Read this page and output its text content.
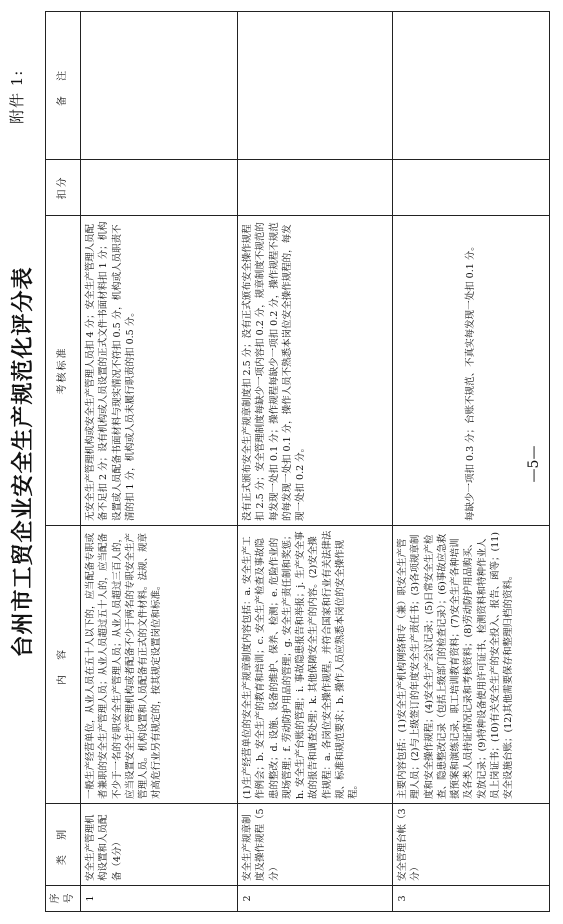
附件 1:
台州市工贸企业安全生产规范化评分表
序号	类 别	内 容	考核标准	扣分	备 注
1	安全生产管理机构设置和人员配备（4分）	一般生产经营单位，从业人员在五十人以下的，应当配备专职或者兼职的安全生产管理人员；从业人员超过五十人的，应当配备不少于一名的专职安全生产管理人员；从业人员超过三百人的，应当设置安全生产管理机构或者配备不少于两名的专职安全生产管理人员。机构设置和人员配备有正式的文件材料。法规、规章对高危行业另有规定的，按其规定设置岗位和标准。	无安全生产管理机构或安全生产管理人员扣 4 分；安全生产管理人员配备不足扣 2 分；设有机构或人员设置的正式文件书面材料扣 1 分；机构设置或人员配备书面材料与现实情况不符扣 0.5 分，机构或人员职责不清的扣 1 分，机构或人员未履行职责的扣 0.5 分。		
2	安全生产规章制度及操作规程（5分）	(1)生产经营单位的安全生产规章制度内容包括：a. 安全生产工作例会；b. 安全生产的教育和培训；c. 安全生产检查及事故隐患的整改；d. 设施、设备的维护、保养、检测；e. 危险作业的现场管理；f. 劳动防护用品的管理；g. 安全生产责任制和奖惩；h. 安全生产台账的管理；i. 事故隐患报告和举报；j. 生产安全事故的报告和调查处理；k. 其他保障安全生产的内容。(2)安全操作规程：a. 各岗位安全操作规程，并符合国家和行业有关法律法规、标准和规范要求；b. 操作人员应熟悉本岗位的安全操作规程。	没有正式颁布安全生产规章制度扣 2.5 分；没有正式颁布安全操作规程扣 2.5 分；安全管理制度每缺少一项内容扣 0.2 分，规章制度不规范的每发现一处扣 0.1 分；操作规程每缺少一项扣 0.2 分，操作规程不规范的每发现一处扣 0.1 分，操作人员不熟悉本岗位安全操作规程的，每发现一处扣 0.2 分。		
3	安全管理台帐（3分）	主要内容包括：(1)安全生产机构网络和专（兼）职安全生产管理人员；(2)与上级签订的年度安全生产责任书；(3)各项规章制度和安全操作规程；(4)安全生产会议记录；(5)日常安全生产检查、隐患整改记录（包括上级部门的检查记录）；(6)事故应急救援预案和演练记录，职工培训教育资料；(7)安全生产各种培训及各类人员持证情况记录和考核资料；(8)劳动防护用品购买、发放记录；(9)特种设备使用许可证书、检测资料和特种作业人员上岗证书；(10)有关安全生产的安全投入、报告、函等；(11)安全设施台账；(12)其他需要保存和整理归档的资料。	每缺少一项扣 0.3 分；台账不规范、不真实每发现一处扣 0.1 分。			—5—
